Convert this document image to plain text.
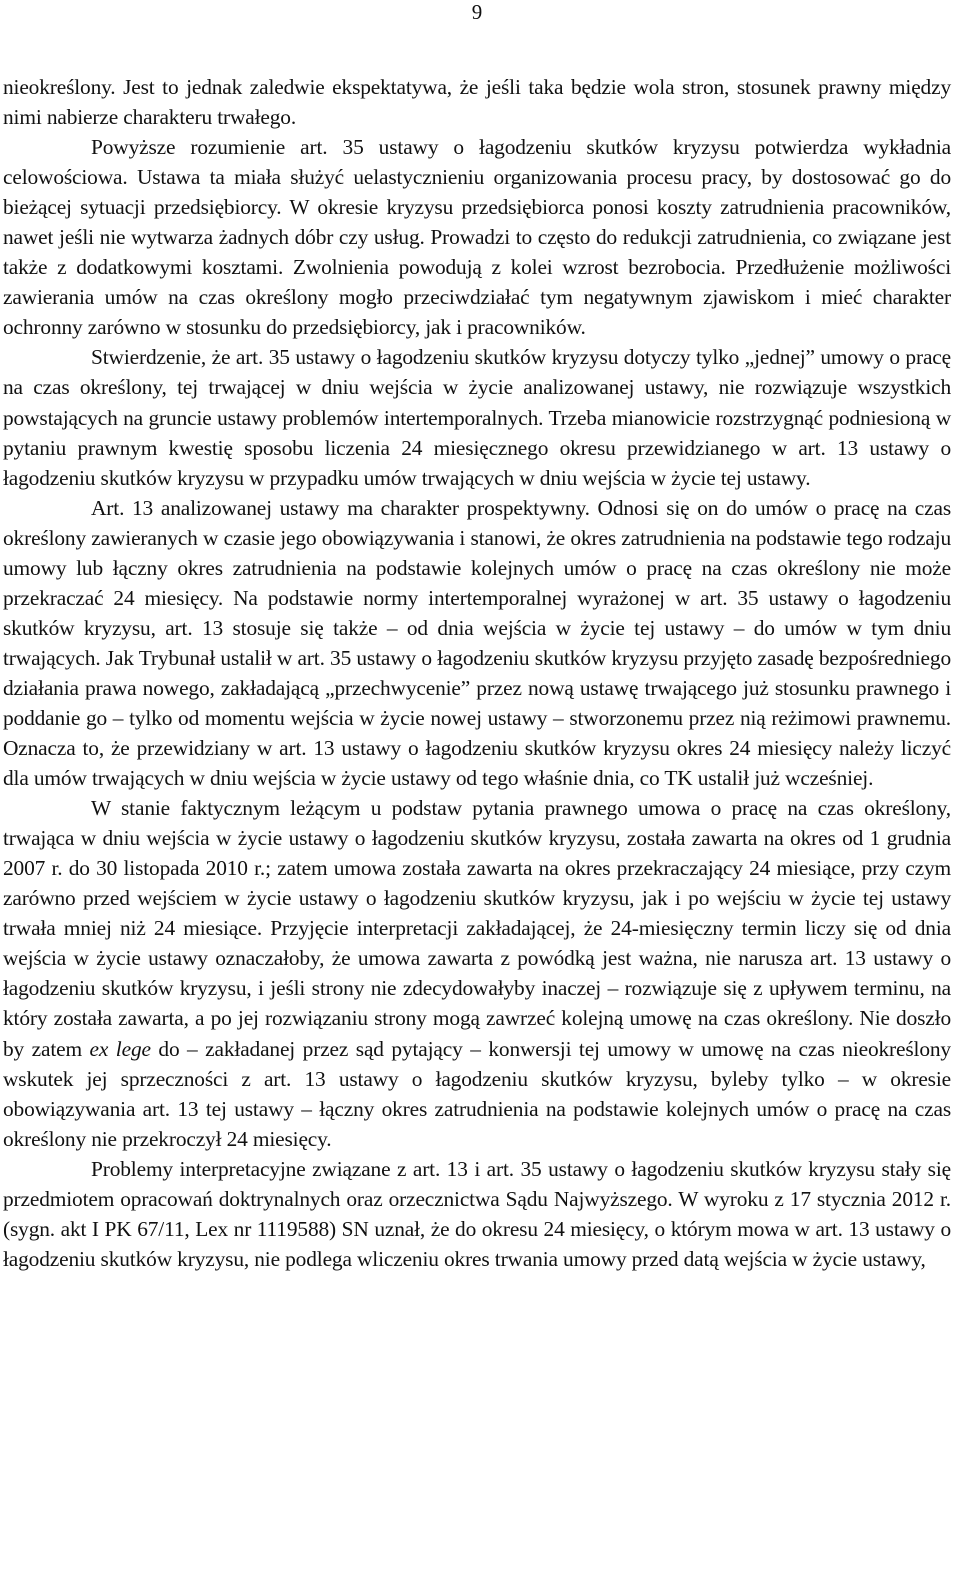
9

nieokreślony. Jest to jednak zaledwie ekspektatywa, że jeśli taka będzie wola stron, stosunek prawny między nimi nabierze charakteru trwałego.

Powyższe rozumienie art. 35 ustawy o łagodzeniu skutków kryzysu potwierdza wykładnia celowościowa. Ustawa ta miała służyć uelastycznieniu organizowania procesu pracy, by dostosować go do bieżącej sytuacji przedsiębiorcy. W okresie kryzysu przedsiębiorca ponosi koszty zatrudnienia pracowników, nawet jeśli nie wytwarza żadnych dóbr czy usług. Prowadzi to często do redukcji zatrudnienia, co związane jest także z dodatkowymi kosztami. Zwolnienia powodują z kolei wzrost bezrobocia. Przedłużenie możliwości zawierania umów na czas określony mogło przeciwdziałać tym negatywnym zjawiskom i mieć charakter ochronny zarówno w stosunku do przedsiębiorcy, jak i pracowników.

Stwierdzenie, że art. 35 ustawy o łagodzeniu skutków kryzysu dotyczy tylko „jednej” umowy o pracę na czas określony, tej trwającej w dniu wejścia w życie analizowanej ustawy, nie rozwiązuje wszystkich powstających na gruncie ustawy problemów intertemporalnych. Trzeba mianowicie rozstrzygnąć podniesioną w pytaniu prawnym kwestię sposobu liczenia 24 miesięcznego okresu przewidzianego w art. 13 ustawy o łagodzeniu skutków kryzysu w przypadku umów trwających w dniu wejścia w życie tej ustawy.

Art. 13 analizowanej ustawy ma charakter prospektywny. Odnosi się on do umów o pracę na czas określony zawieranych w czasie jego obowiązywania i stanowi, że okres zatrudnienia na podstawie tego rodzaju umowy lub łączny okres zatrudnienia na podstawie kolejnych umów o pracę na czas określony nie może przekraczać 24 miesięcy. Na podstawie normy intertemporalnej wyrażonej w art. 35 ustawy o łagodzeniu skutków kryzysu, art. 13 stosuje się także – od dnia wejścia w życie tej ustawy – do umów w tym dniu trwających. Jak Trybunał ustalił w art. 35 ustawy o łagodzeniu skutków kryzysu przyjęto zasadę bezpośredniego działania prawa nowego, zakładającą „przechwycenie” przez nową ustawę trwającego już stosunku prawnego i poddanie go – tylko od momentu wejścia w życie nowej ustawy – stworzonemu przez nią reżimowi prawnemu. Oznacza to, że przewidziany w art. 13 ustawy o łagodzeniu skutków kryzysu okres 24 miesięcy należy liczyć dla umów trwających w dniu wejścia w życie ustawy od tego właśnie dnia, co TK ustalił już wcześniej.

W stanie faktycznym leżącym u podstaw pytania prawnego umowa o pracę na czas określony, trwająca w dniu wejścia w życie ustawy o łagodzeniu skutków kryzysu, została zawarta na okres od 1 grudnia 2007 r. do 30 listopada 2010 r.; zatem umowa została zawarta na okres przekraczający 24 miesiące, przy czym zarówno przed wejściem w życie ustawy o łagodzeniu skutków kryzysu, jak i po wejściu w życie tej ustawy trwała mniej niż 24 miesiące. Przyjęcie interpretacji zakładającej, że 24-miesięczny termin liczy się od dnia wejścia w życie ustawy oznaczałoby, że umowa zawarta z powódką jest ważna, nie narusza art. 13 ustawy o łagodzeniu skutków kryzysu, i jeśli strony nie zdecydowałyby inaczej – rozwiązuje się z upływem terminu, na który została zawarta, a po jej rozwiązaniu strony mogą zawrzeć kolejną umowę na czas określony. Nie doszło by zatem ex lege do – zakładanej przez sąd pytający – konwersji tej umowy w umowę na czas nieokreślony wskutek jej sprzeczności z art. 13 ustawy o łagodzeniu skutków kryzysu, byleby tylko – w okresie obowiązywania art. 13 tej ustawy – łączny okres zatrudnienia na podstawie kolejnych umów o pracę na czas określony nie przekroczył 24 miesięcy.

Problemy interpretacyjne związane z art. 13 i art. 35 ustawy o łagodzeniu skutków kryzysu stały się przedmiotem opracowań doktrynalnych oraz orzecznictwa Sądu Najwyższego. W wyroku z 17 stycznia 2012 r. (sygn. akt I PK 67/11, Lex nr 1119588) SN uznał, że do okresu 24 miesięcy, o którym mowa w art. 13 ustawy o łagodzeniu skutków kryzysu, nie podlega wliczeniu okres trwania umowy przed datą wejścia w życie ustawy,
